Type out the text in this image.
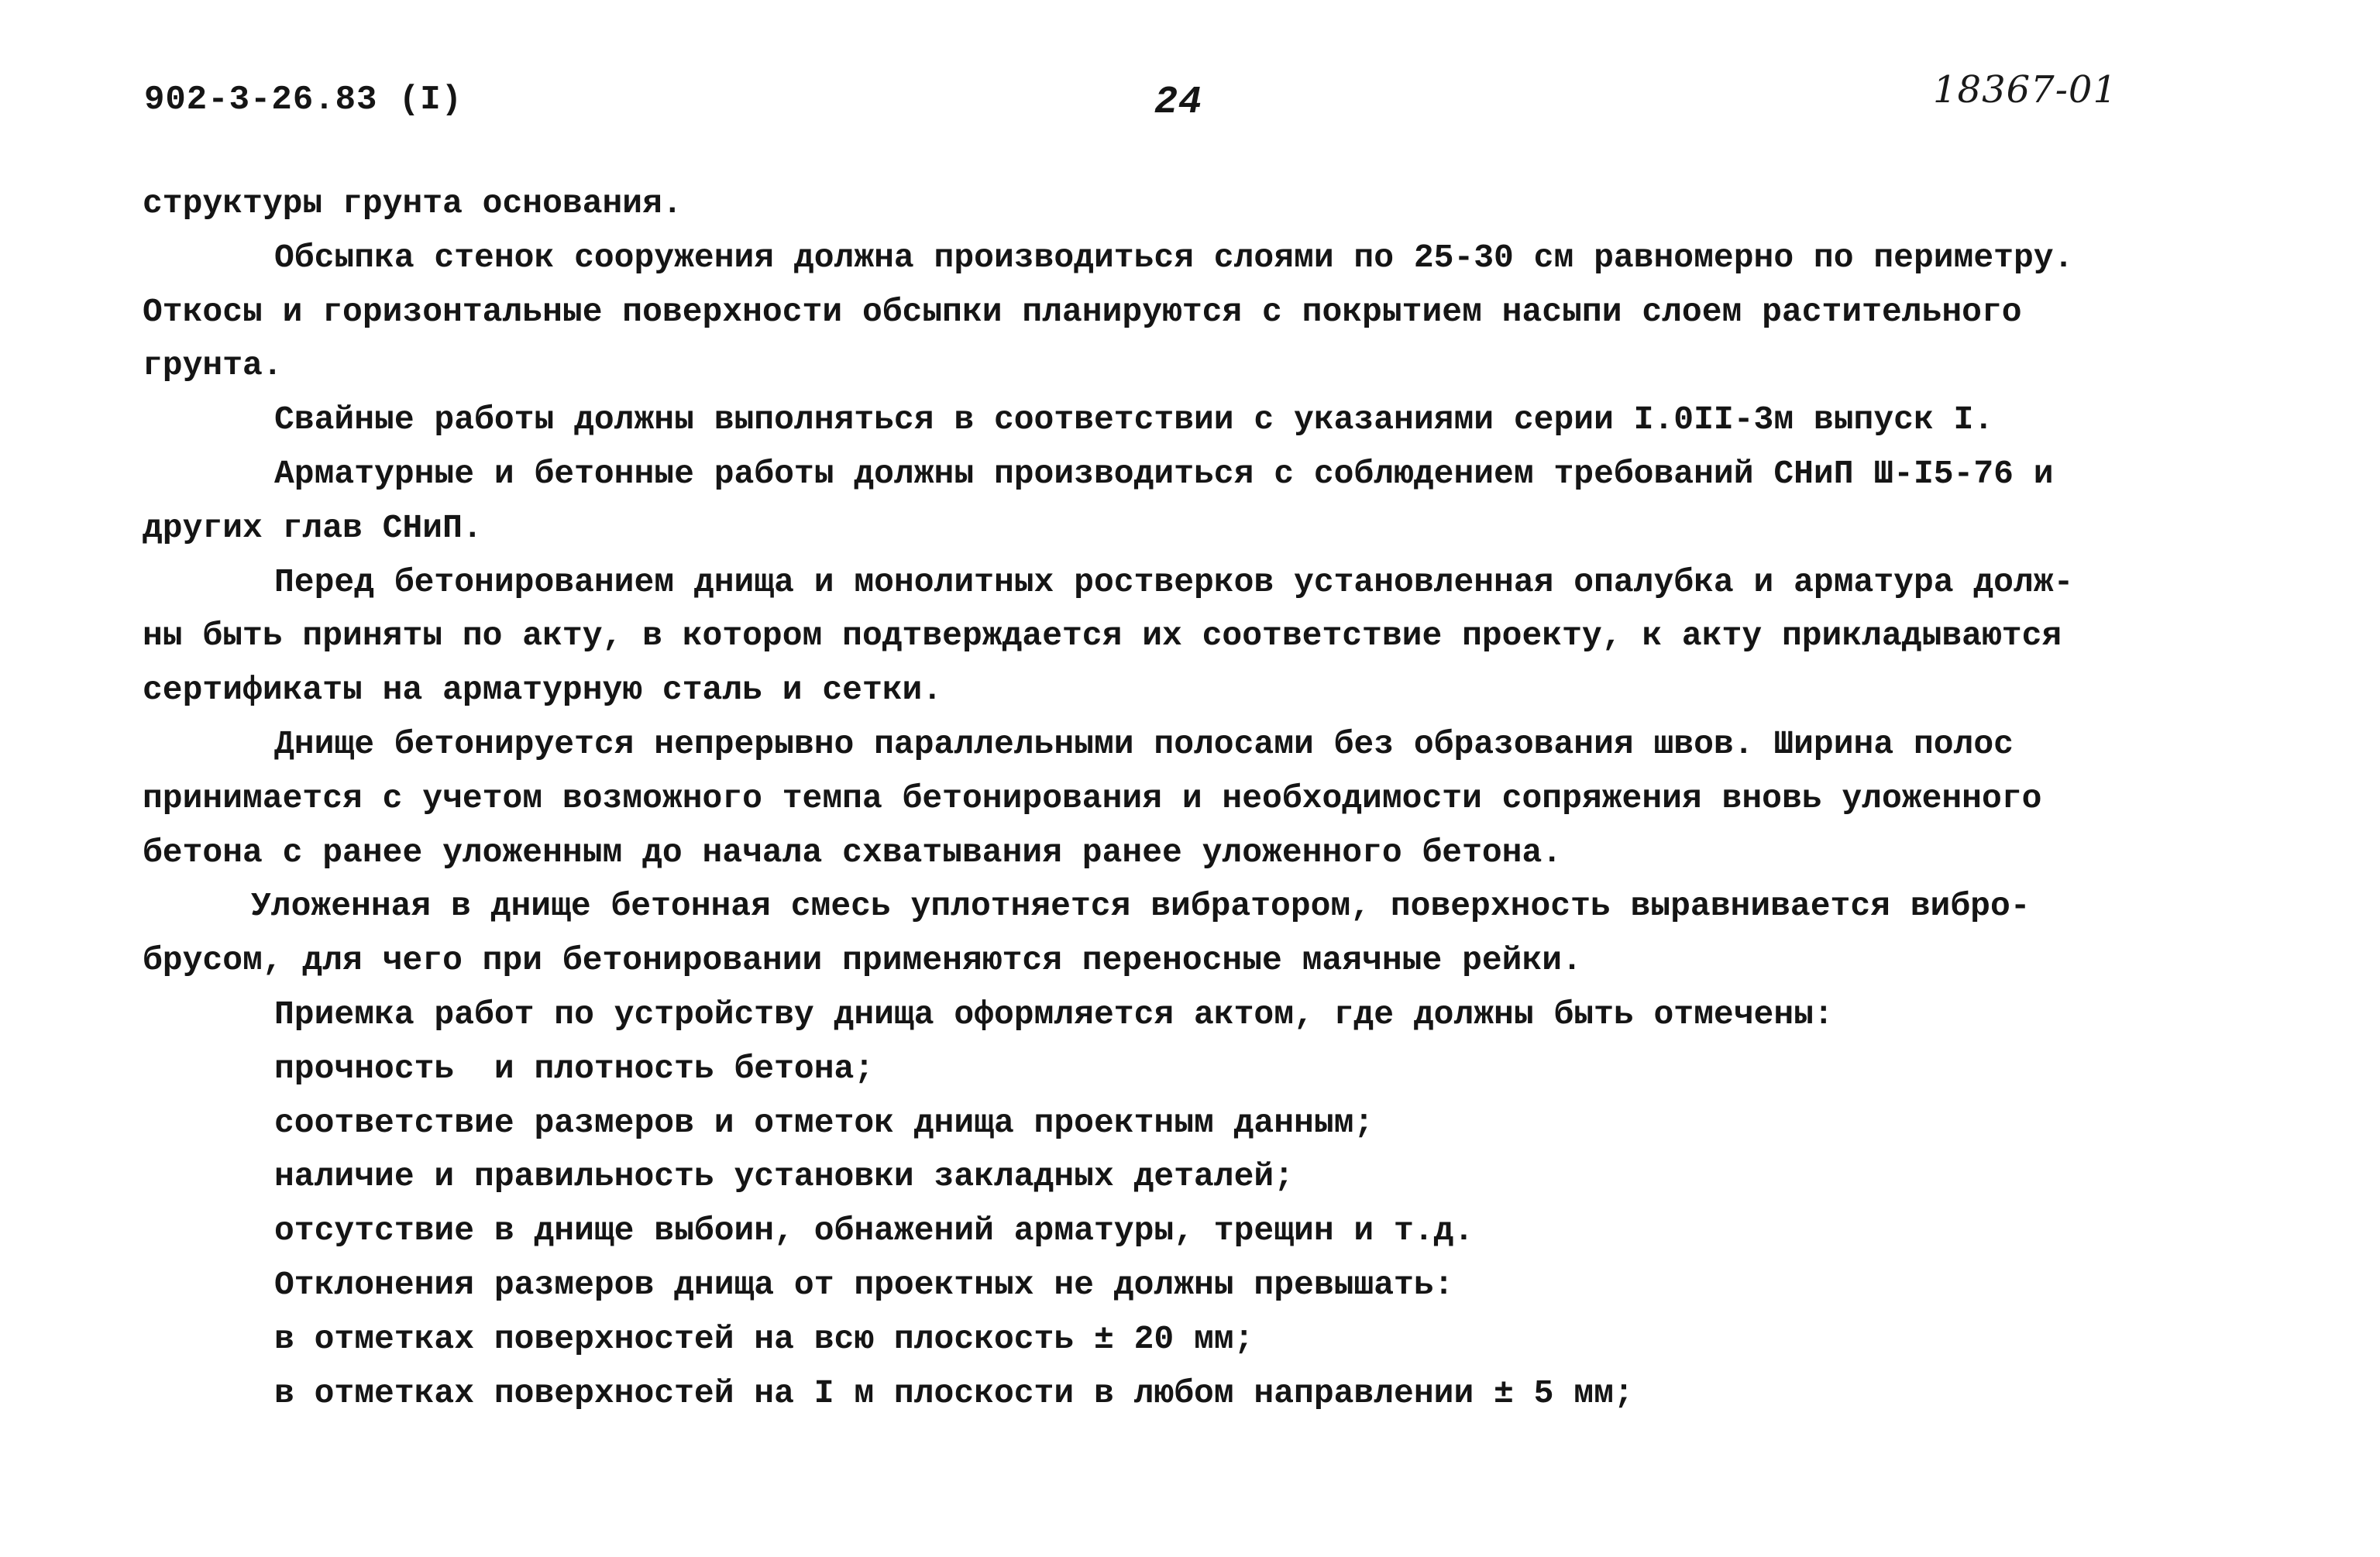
902-3-26.83 (I)	24	18367-01
структуры грунта основания.
Обсыпка стенок сооружения должна производиться слоями по 25-30 см равномерно по периметру.
Откосы и горизонтальные поверхности обсыпки планируются с покрытием насыпи слоем растительного
грунта.
Свайные работы должны выполняться в соответствии с указаниями серии I.0II-3м выпуск I.
Арматурные и бетонные работы должны производиться с соблюдением требований СНиП Ш-I5-76 и
других глав СНиП.
Перед бетонированием днища и монолитных ростверков установленная опалубка и арматура долж-
ны быть приняты по акту, в котором подтверждается их соответствие проекту, к акту прикладываются
сертификаты на арматурную сталь и сетки.
Днище бетонируется непрерывно параллельными полосами без образования швов. Ширина полос
принимается с учетом возможного темпа бетонирования и необходимости сопряжения вновь уложенного
бетона с ранее уложенным до начала схватывания ранее уложенного бетона.
Уложенная в днище бетонная смесь уплотняется вибратором, поверхность выравнивается вибро-
брусом, для чего при бетонировании применяются переносные маячные рейки.
Приемка работ по устройству днища оформляется актом, где должны быть отмечены:
прочность  и плотность бетона;
соответствие размеров и отметок днища проектным данным;
наличие и правильность установки закладных деталей;
отсутствие в днище выбоин, обнажений арматуры, трещин и т.д.
Отклонения размеров днища от проектных не должны превышать:
в отметках поверхностей на всю плоскость ± 20 мм;
в отметках поверхностей на I м плоскости в любом направлении ± 5 мм;
